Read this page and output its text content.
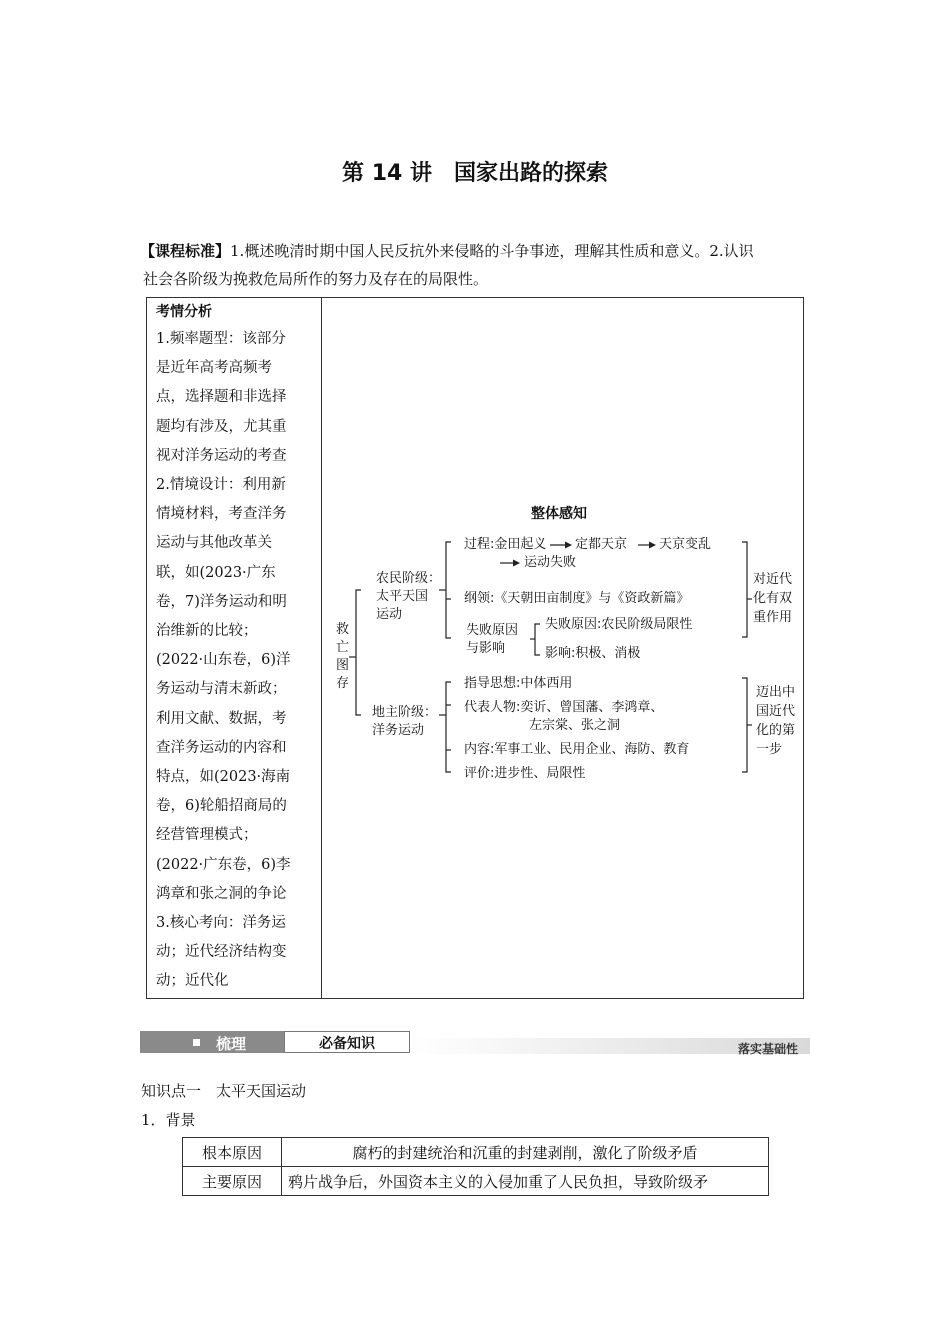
第 14 讲　国家出路的探索
【课程标准】1.概述晚清时期中国人民反抗外来侵略的斗争事迹，理解其性质和意义。2.认识
社会各阶级为挽救危局所作的努力及存在的局限性。
考情分析
1.频率题型：该部分
是近年高考高频考
点，选择题和非选择
题均有涉及，尤其重
视对洋务运动的考查
2.情境设计：利用新
情境材料，考查洋务
运动与其他改革关
联，如(2023·广东
卷，7)洋务运动和明
治维新的比较；
(2022·山东卷，6)洋
务运动与清末新政；
利用文献、数据，考
查洋务运动的内容和
特点，如(2023·海南
卷，6)轮船招商局的
经营管理模式；
(2022·广东卷，6)李
鸿章和张之洞的争论
3.核心考向：洋务运
动；近代经济结构变
动；近代化
整体感知
救
亡
图
存
农民阶级：
太平天国
运动
过程:金田起义 定都天京 天京变乱
运动失败
纲领:《天朝田亩制度》与《资政新篇》
失败原因
与影响
失败原因:农民阶级局限性
影响:积极、消极
对近代
化有双
重作用
地主阶级：
洋务运动
指导思想:中体西用
代表人物:奕䜣、曾国藩、李鸿章、
左宗棠、张之洞
内容:军事工业、民用企业、海防、教育
评价:进步性、局限性
迈出中
国近代
化的第
一步
梳理	必备知识	落实基础性
知识点一　太平天国运动
1．背景
根本原因	腐朽的封建统治和沉重的封建剥削，激化了阶级矛盾
主要原因	鸦片战争后，外国资本主义的入侵加重了人民负担，导致阶级矛
